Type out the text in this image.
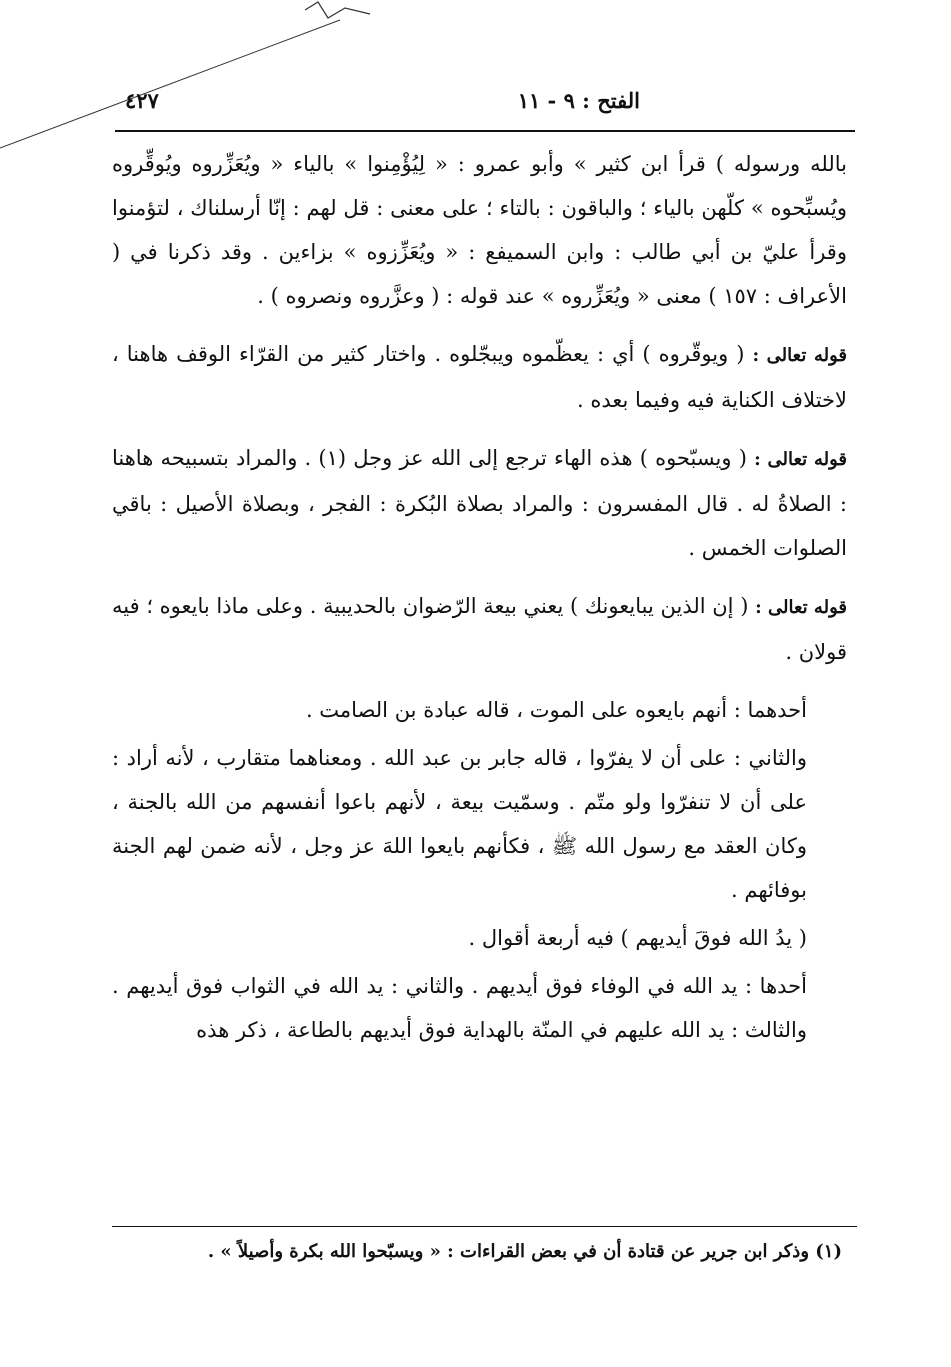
الفتح : ٩ - ١١
٤٢٧

بالله ورسوله ) قرأ ابن كثير » وأبو عمرو : « لِيُؤْمِنوا » بالياء « ويُعَزِّروه ويُوقِّروه ويُسبِّحوه » كلّهن بالياء ؛ والباقون : بالتاء ؛ على معنى : قل لهم : إنّا أرسلناك ، لتؤمنوا وقرأ عليّ بن أبي طالب : وابن السميفع : « ويُعَزِّزوه » بزاءين . وقد ذكرنا في ( الأعراف : ١٥٧ ) معنى « ويُعَزِّروه » عند قوله : ( وعزَّروه ونصروه ) .

قوله تعالى : ( ويوقّروه ) أي : يعظّموه ويبجّلوه . واختار كثير من القرّاء الوقف هاهنا ، لاختلاف الكناية فيه وفيما بعده .

قوله تعالى : ( ويسبّحوه ) هذه الهاء ترجع إلى الله عز وجل (١) . والمراد بتسبيحه هاهنا : الصلاةُ له . قال المفسرون : والمراد بصلاة البُكرة : الفجر ، وبصلاة الأصيل : باقي الصلوات الخمس .

قوله تعالى : ( إن الذين يبايعونك ) يعني بيعة الرّضوان بالحديبية . وعلى ماذا بايعوه ؛ فيه قولان .

أحدهما : أنهم بايعوه على الموت ، قاله عبادة بن الصامت .

والثاني : على أن لا يفرّوا ، قاله جابر بن عبد الله . ومعناهما متقارب ، لأنه أراد : على أن لا تنفرّوا ولو متّم . وسمّيت بيعة ، لأنهم باعوا أنفسهم من الله بالجنة ، وكان العقد مع رسول الله ﷺ ، فكأنهم بايعوا اللهَ عز وجل ، لأنه ضمن لهم الجنة بوفائهم .

( يدُ الله فوقَ أيديهم ) فيه أربعة أقوال .

أحدها : يد الله في الوفاء فوق أيديهم . والثاني : يد الله في الثواب فوق أيديهم . والثالث : يد الله عليهم في المنّة بالهداية فوق أيديهم بالطاعة ، ذكر هذه

(١) وذكر ابن جرير عن قتادة أن في بعض القراءات : « ويسبّحوا الله بكرة وأصيلاً » .
